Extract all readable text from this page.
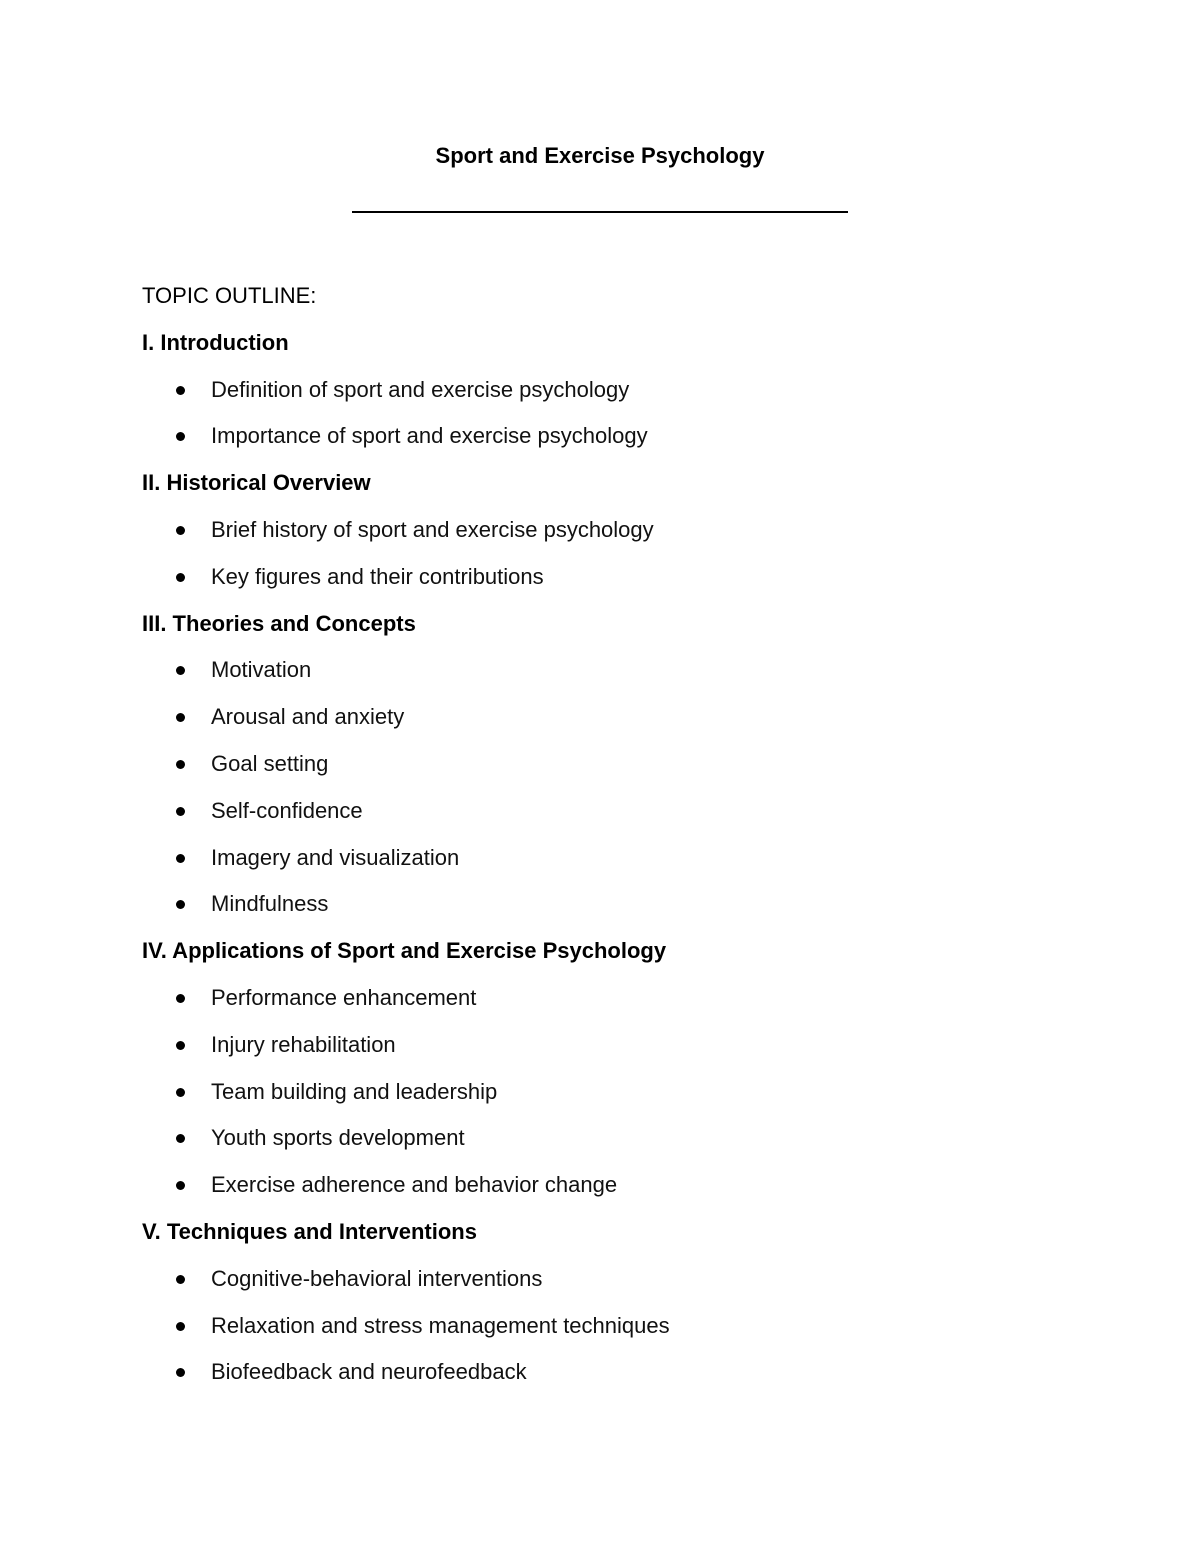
Sport and Exercise Psychology
TOPIC OUTLINE:
I. Introduction
Definition of sport and exercise psychology
Importance of sport and exercise psychology
II. Historical Overview
Brief history of sport and exercise psychology
Key figures and their contributions
III. Theories and Concepts
Motivation
Arousal and anxiety
Goal setting
Self-confidence
Imagery and visualization
Mindfulness
IV. Applications of Sport and Exercise Psychology
Performance enhancement
Injury rehabilitation
Team building and leadership
Youth sports development
Exercise adherence and behavior change
V. Techniques and Interventions
Cognitive-behavioral interventions
Relaxation and stress management techniques
Biofeedback and neurofeedback
